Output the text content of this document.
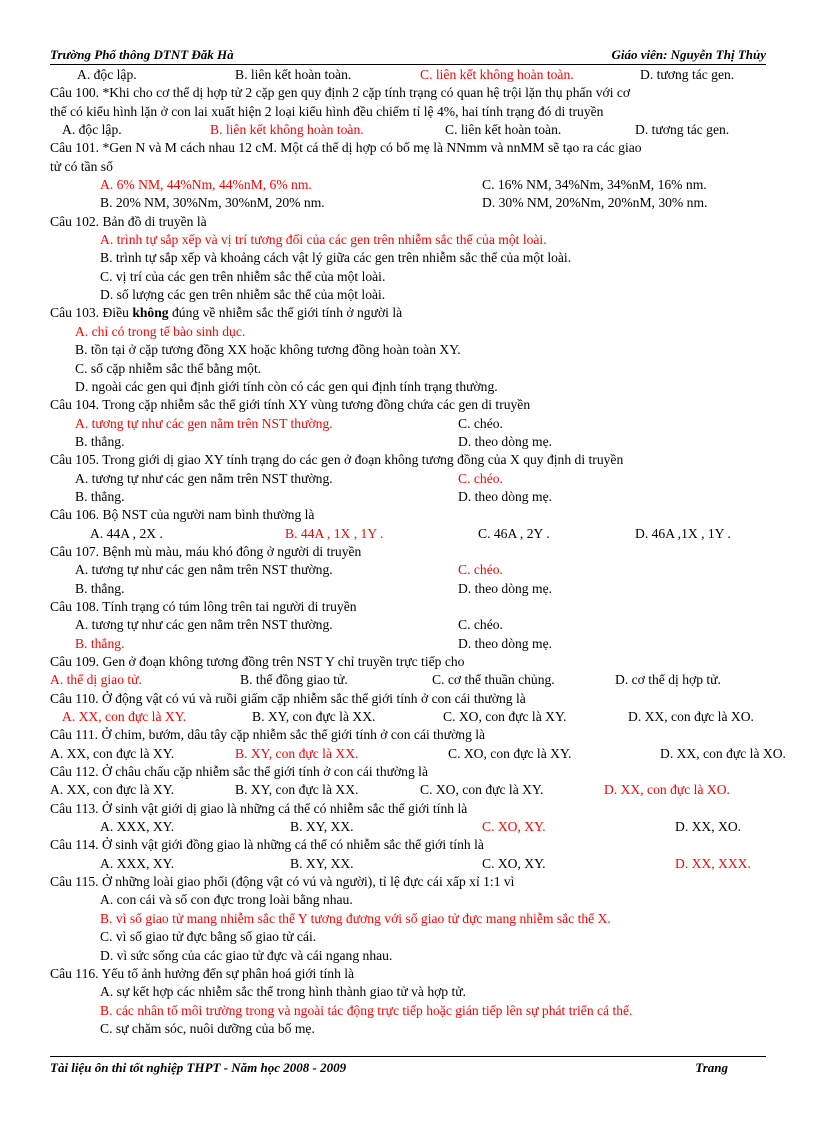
Trường Phổ thông DTNT Đăk Hà	Giáo viên: Nguyễn Thị Thủy
A. độc lập.	B. liên kết hoàn toàn.	C. liên kết không hoàn toàn.	D. tương tác gen.
Câu 100. *Khi cho cơ thể dị hợp tử 2 cặp gen quy định 2 cặp tính trạng có quan hệ trội lặn thụ phấn với cơ
thể có kiểu hình lặn ở con lai xuất hiện 2 loại kiểu hình đều chiếm tỉ lệ 4%, hai tính trạng đó di truyền
A. độc lập.	B. liên kết không hoàn toàn.	C. liên kết hoàn toàn.	D. tương tác gen.
Câu 101. *Gen N và M cách nhau 12 cM. Một cá thể dị hợp có bố mẹ là NNmm và nnMM sẽ tạo ra các giao
tử có tần số
A. 6% NM, 44%Nm, 44%nM, 6% nm.	C. 16% NM, 34%Nm, 34%nM, 16% nm.
B. 20% NM, 30%Nm, 30%nM, 20% nm.	D. 30% NM, 20%Nm, 20%nM, 30% nm.
Câu 102. Bản đồ di truyền là
A. trình tự sắp xếp và vị trí tương đối của các gen trên nhiễm sắc thể của một loài.
B. trình tự sắp xếp và khoảng cách vật lý giữa các gen trên nhiễm sắc thể của một loài.
C. vị trí của các gen trên nhiễm sắc thể của một loài.
D. số lượng các gen trên nhiễm sắc thể của một loài.
Câu 103. Điều không đúng về nhiễm sắc thể giới tính ở người là
A. chỉ có trong tế bào sinh dục.
B. tồn tại ở cặp tương đồng XX hoặc không tương đồng hoàn toàn XY.
C. số cặp nhiễm sắc thể bằng một.
D. ngoài các gen qui định giới tính còn có các gen qui định tính trạng thường.
Câu 104. Trong cặp nhiễm sắc thể giới tính XY vùng tương đồng chứa các gen di truyền
A. tương tự như các gen nằm trên NST thường.	C. chéo.
B. thẳng.	D. theo dòng mẹ.
Câu 105. Trong giới dị giao XY tính trạng do các gen ở đoạn không tương đồng của X quy định di truyền
A. tương tự như các gen nằm trên NST thường.	C. chéo.
B. thẳng.	D. theo dòng mẹ.
Câu 106. Bộ NST của người nam bình thường là
A. 44A , 2X .	B. 44A , 1X , 1Y .	C. 46A , 2Y .	D. 46A ,1X , 1Y .
Câu 107. Bệnh mù màu, máu khó đông ở người di truyền
A. tương tự như các gen nằm trên NST thường.	C. chéo.
B. thẳng.	D. theo dòng mẹ.
Câu 108. Tính trạng có túm lông trên tai người di truyền
A. tương tự như các gen nằm trên NST thường.	C. chéo.
B. thẳng.	D. theo dòng mẹ.
Câu 109. Gen ở đoạn không tương đồng trên NST Y chỉ truyền trực tiếp cho
A. thể dị giao tử.	B. thể đồng giao tử.	C. cơ thể thuần chủng.	D. cơ thể dị hợp tử.
Câu 110. Ở động vật có vú và ruồi giấm cặp nhiễm sắc thể giới tính ở con cái thường là
A. XX, con đực là XY.	B. XY, con đực là XX.	C. XO, con đực là XY.	D. XX, con đực là XO.
Câu 111. Ở chim, bướm, dâu tây cặp nhiễm sắc thể giới tính ở con cái thường là
A. XX, con đực là XY.	B. XY, con đực là XX.	C. XO, con đực là XY.	D. XX, con đực là XO.
Câu 112. Ở châu chấu cặp nhiễm sắc thể giới tính ở con cái thường là
A. XX, con đực là XY.	B. XY, con đực là XX.	C. XO, con đực là XY.	D. XX, con đực là XO.
Câu 113. Ở sinh vật giới dị giao là những cá thể có nhiễm sắc thể giới tính là
A. XXX, XY.	B. XY, XX.	C. XO, XY.	D. XX, XO.
Câu 114. Ở sinh vật giới đồng giao là những cá thể có nhiễm sắc thể giới tính là
A. XXX, XY.	B. XY, XX.	C. XO, XY.	D. XX, XXX.
Câu 115. Ở những loài giao phối (động vật có vú và người), tỉ lệ đực cái xấp xỉ 1:1 vì
A. con cái và số con đực trong loài bằng nhau.
B. vì số giao tử mang nhiễm sắc thể Y tương đương với số giao tử đực mang nhiễm sắc thể X.
C. vì số giao tử đực bằng số giao tử cái.
D. vì sức sống của các giao tử đực và cái ngang nhau.
Câu 116. Yếu tố ảnh hưởng đến sự phân hoá giới tính là
A. sự kết hợp các nhiễm sắc thể trong hình thành giao tử và hợp tử.
B. các nhân tố môi trường trong và ngoài tác động trực tiếp hoặc gián tiếp lên sự phát triển cá thể.
C. sự chăm sóc, nuôi dưỡng của bố mẹ.
Tài liệu ôn thi tốt nghiệp THPT - Năm học 2008 - 2009	Trang
